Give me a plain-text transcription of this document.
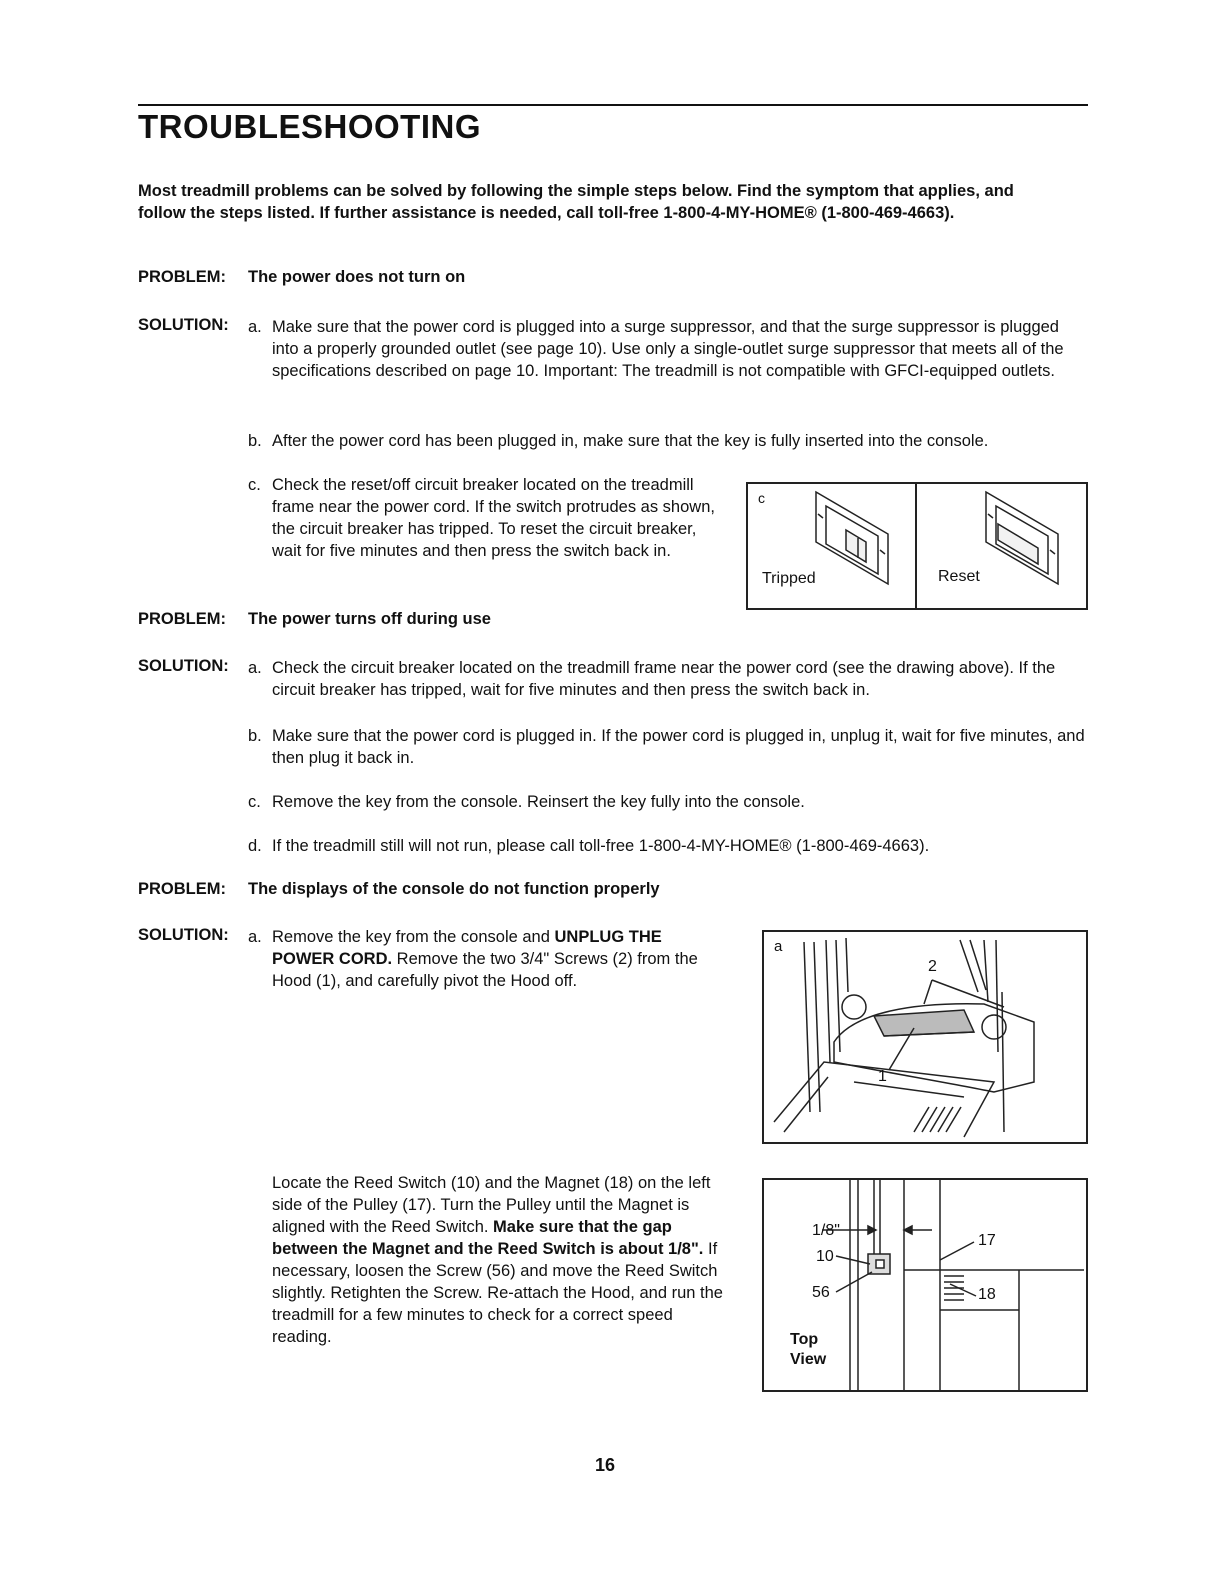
TROUBLESHOOTING
Most treadmill problems can be solved by following the simple steps below. Find the symptom that applies, and follow the steps listed. If further assistance is needed, call toll-free 1-800-4-MY-HOME® (1-800-469-4663).
PROBLEM: The power does not turn on
SOLUTION: a. Make sure that the power cord is plugged into a surge suppressor, and that the surge suppressor is plugged into a properly grounded outlet (see page 10). Use only a single-outlet surge suppressor that meets all of the specifications described on page 10. Important: The treadmill is not compatible with GFCI-equipped outlets.
b. After the power cord has been plugged in, make sure that the key is fully inserted into the console.
c. Check the reset/off circuit breaker located on the treadmill frame near the power cord. If the switch protrudes as shown, the circuit breaker has tripped. To reset the circuit breaker, wait for five minutes and then press the switch back in.
c
Tripped	Reset
PROBLEM: The power turns off during use
SOLUTION: a. Check the circuit breaker located on the treadmill frame near the power cord (see the drawing above). If the circuit breaker has tripped, wait for five minutes and then press the switch back in.
b. Make sure that the power cord is plugged in. If the power cord is plugged in, unplug it, wait for five minutes, and then plug it back in.
c. Remove the key from the console. Reinsert the key fully into the console.
d. If the treadmill still will not run, please call toll-free 1-800-4-MY-HOME® (1-800-469-4663).
PROBLEM: The displays of the console do not function properly
SOLUTION: a. Remove the key from the console and UNPLUG THE POWER CORD. Remove the two 3/4" Screws (2) from the Hood (1), and carefully pivot the Hood off.
a
2
1
Locate the Reed Switch (10) and the Magnet (18) on the left side of the Pulley (17). Turn the Pulley until the Magnet is aligned with the Reed Switch. Make sure that the gap between the Magnet and the Reed Switch is about 1/8". If necessary, loosen the Screw (56) and move the Reed Switch slightly. Retighten the Screw. Re-attach the Hood, and run the treadmill for a few minutes to check for a correct speed reading.
1/8"
10
56
17
18
Top
View
16
